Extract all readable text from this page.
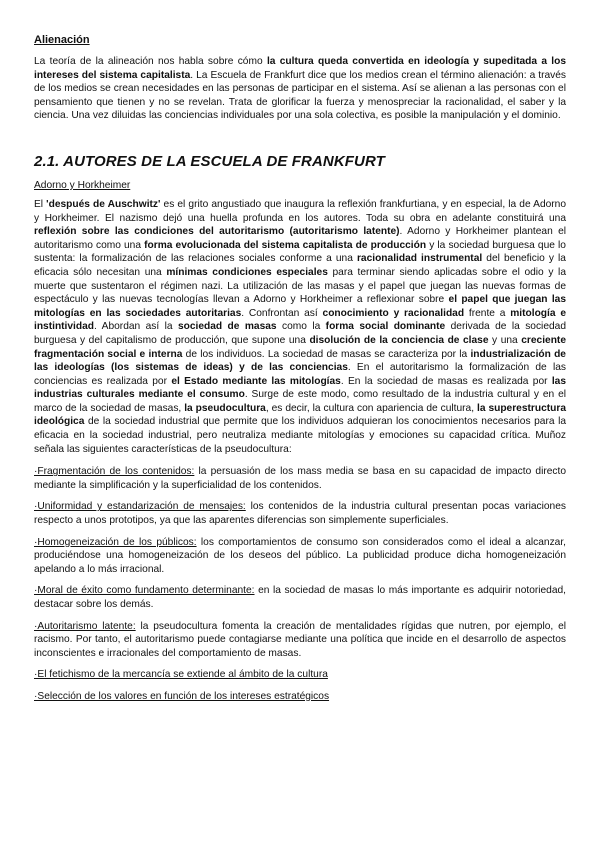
Alienación

La teoría de la alineación nos habla sobre cómo la cultura queda convertida en ideología y supeditada a los intereses del sistema capitalista. La Escuela de Frankfurt dice que los medios crean el término alienación: a través de los medios se crean necesidades en las personas de participar en el sistema. Así se alienan a las personas con el pensamiento que tienen y no se revelan. Trata de glorificar la fuerza y menospreciar la racionalidad, el saber y la ciencia. Una vez diluidas las conciencias individuales por una sola colectiva, es posible la manipulación y el dominio.

2.1. AUTORES DE LA ESCUELA DE FRANKFURT
Adorno y Horkheimer

El 'después de Auschwitz' es el grito angustiado que inaugura la reflexión frankfurtiana, y en especial, la de Adorno y Horkheimer. El nazismo dejó una huella profunda en los autores. Toda su obra en adelante constituirá una reflexión sobre las condiciones del autoritarismo (autoritarismo latente). Adorno y Horkheimer plantean el autoritarismo como una forma evolucionada del sistema capitalista de producción y la sociedad burguesa que lo sustenta: la formalización de las relaciones sociales conforme a una racionalidad instrumental del beneficio y la eficacia sólo necesitan una mínimas condiciones especiales para terminar siendo aplicadas sobre el odio y la muerte que sustentaron el régimen nazi. La utilización de las masas y el papel que juegan las nuevas formas de espectáculo y las nuevas tecnologías llevan a Adorno y Horkheimer a reflexionar sobre el papel que juegan las mitologías en las sociedades autoritarias. Confrontan así conocimiento y racionalidad frente a mitología e instintividad. Abordan así la sociedad de masas como la forma social dominante derivada de la sociedad burguesa y del capitalismo de producción, que supone una disolución de la conciencia de clase y una creciente fragmentación social e interna de los individuos. La sociedad de masas se caracteriza por la industrialización de las ideologías (los sistemas de ideas) y de las conciencias. En el autoritarismo la formalización de las conciencias es realizada por el Estado mediante las mitologías. En la sociedad de masas es realizada por las industrias culturales mediante el consumo. Surge de este modo, como resultado de la industria cultural y en el marco de la sociedad de masas, la pseudocultura, es decir, la cultura con apariencia de cultura, la superestructura ideológica de la sociedad industrial que permite que los individuos adquieran los conocimientos necesarios para la eficacia en la sociedad industrial, pero neutraliza mediante mitologías y emociones su capacidad crítica. Muñoz señala las siguientes características de la pseudocultura:

·Fragmentación de los contenidos: la persuasión de los mass media se basa en su capacidad de impacto directo mediante la simplificación y la superficialidad de los contenidos.

·Uniformidad y estandarización de mensajes: los contenidos de la industria cultural presentan pocas variaciones respecto a unos prototipos, ya que las aparentes diferencias son simplemente superficiales.

·Homogeneización de los públicos: los comportamientos de consumo son considerados como el ideal a alcanzar, produciéndose una homogeneización de los deseos del público. La publicidad produce dicha homogeneización apelando a lo más irracional.

·Moral de éxito como fundamento determinante: en la sociedad de masas lo más importante es adquirir notoriedad, destacar sobre los demás.

·Autoritarismo latente: la pseudocultura fomenta la creación de mentalidades rígidas que nutren, por ejemplo, el racismo. Por tanto, el autoritarismo puede contagiarse mediante una política que incide en el desarrollo de aspectos inconscientes e irracionales del comportamiento de masas.

·El fetichismo de la mercancía se extiende al ámbito de la cultura

·Selección de los valores en función de los intereses estratégicos
